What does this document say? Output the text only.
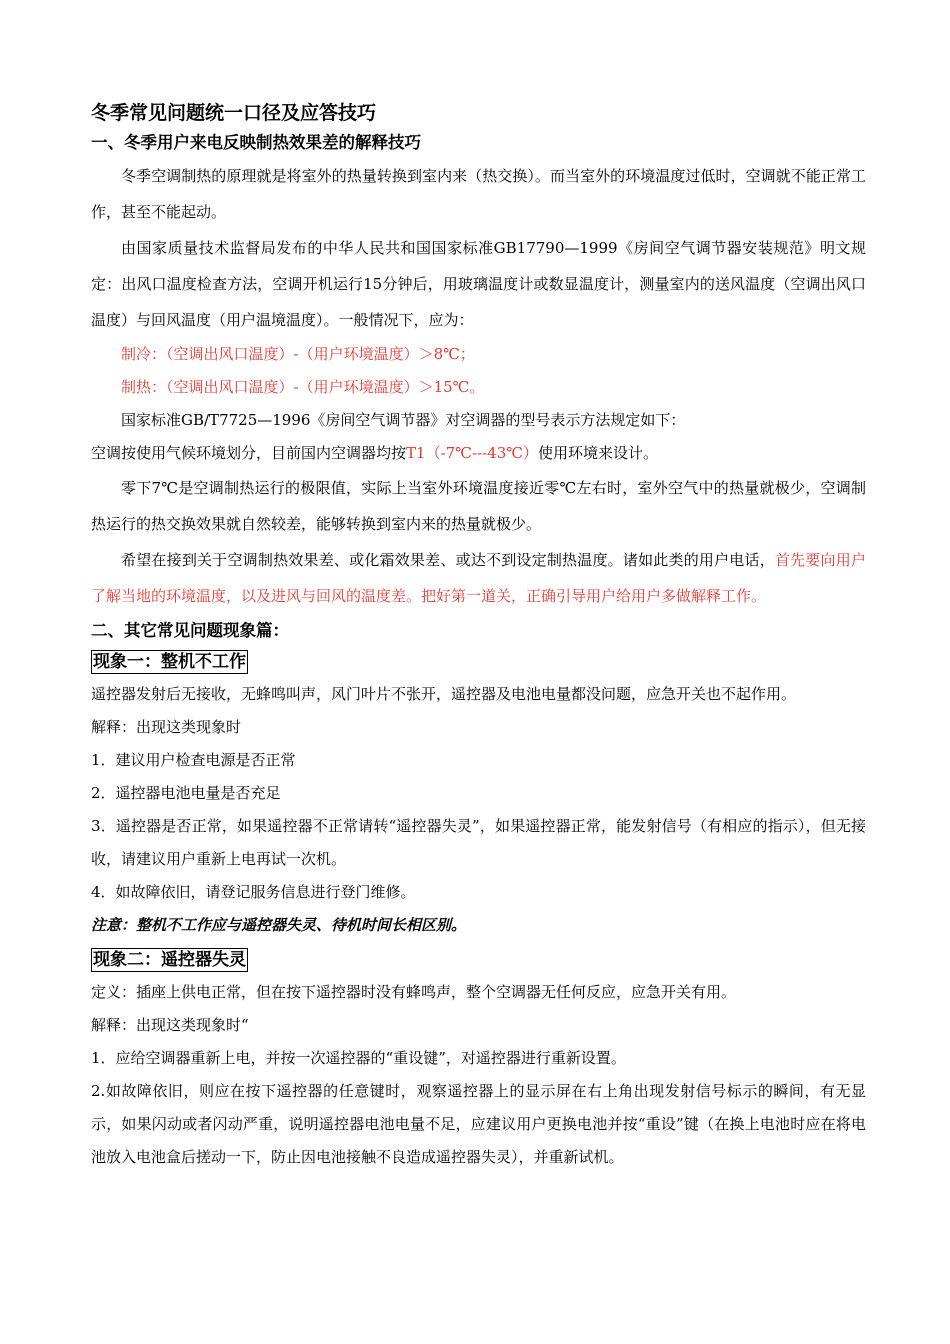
冬季常见问题统一口径及应答技巧
一、冬季用户来电反映制热效果差的解释技巧

冬季空调制热的原理就是将室外的热量转换到室内来（热交换）。而当室外的环境温度过低时，空调就不能正常工作，甚至不能起动。

由国家质量技术监督局发布的中华人民共和国国家标准GB17790—1999《房间空气调节器安装规范》明文规定：出风口温度检查方法，空调开机运行15分钟后，用玻璃温度计或数显温度计，测量室内的送风温度（空调出风口温度）与回风温度（用户温境温度）。一般情况下，应为：

制冷：（空调出风口温度）-（用户环境温度）＞8℃；

制热：（空调出风口温度）-（用户环境温度）＞15℃。

国家标准GB/T7725—1996《房间空气调节器》对空调器的型号表示方法规定如下：

空调按使用气候环境划分，目前国内空调器均按T1（-7℃---43℃）使用环境来设计。

零下7℃是空调制热运行的极限值，实际上当室外环境温度接近零℃左右时，室外空气中的热量就极少，空调制热运行的热交换效果就自然较差，能够转换到室内来的热量就极少。

希望在接到关于空调制热效果差、或化霜效果差、或达不到设定制热温度。诸如此类的用户电话，首先要向用户了解当地的环境温度，以及进风与回风的温度差。把好第一道关，正确引导用户给用户多做解释工作。

二、其它常见问题现象篇：
现象一：整机不工作

遥控器发射后无接收，无蜂鸣叫声，风门叶片不张开，遥控器及电池电量都没问题，应急开关也不起作用。

解释：出现这类现象时

1．建议用户检查电源是否正常

2．遥控器电池电量是否充足

3．遥控器是否正常，如果遥控器不正常请转“遥控器失灵”，如果遥控器正常，能发射信号（有相应的指示），但无接收，请建议用户重新上电再试一次机。

4．如故障依旧，请登记服务信息进行登门维修。

注意：整机不工作应与遥控器失灵、待机时间长相区别。
现象二：遥控器失灵

定义：插座上供电正常，但在按下遥控器时没有蜂鸣声，整个空调器无任何反应，应急开关有用。

解释：出现这类现象时“

1．应给空调器重新上电，并按一次遥控器的“重设键”，对遥控器进行重新设置。

2.如故障依旧，则应在按下遥控器的任意键时，观察遥控器上的显示屏在右上角出现发射信号标示的瞬间，有无显示，如果闪动或者闪动严重，说明遥控器电池电量不足，应建议用户更换电池并按“重设”键（在换上电池时应在将电池放入电池盒后搓动一下，防止因电池接触不良造成遥控器失灵），并重新试机。
